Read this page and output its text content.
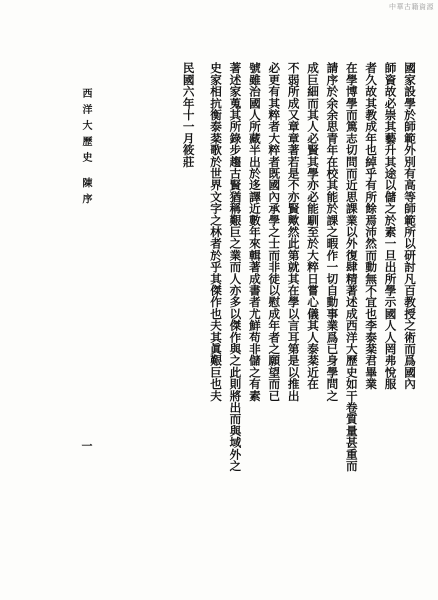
中華古籍資源
國家設學於師範外別有高等師範所以研討凡百教授之術而爲國內
師資故必崇其藝升其途以儲之於素一旦出所學示國人人罔弗悅服
者久故其教成年也綽乎有所餘焉沛然而動無不宜也李泰棻君畢業
在學博學而篤志切問而近思課業以外復肆精著述成西洋大歷史如干卷質量甚重而
請序於余余思青年在校其能於課之暇作一切自動事業爲已身學問之
成巨細而其人必賢其學亦必能馴至於大粹日嘗心儀其人泰棻近在
不弱所成又章章著若是不亦賢歟然此第就其在學以言耳第是以推出
必更有其粹者大粹者既國內承學之士而非徒以慰成年者之願望而已
號雖治國人所藏半出於迻譯近數年來輯著成書者尤鮮苟非儲之有素
著述家蒐其所錄步趨古賢猶稱艱巨之業而人亦多以傑作與之此則將出而與域外之
史家相抗衡泰棻歌於世界文字之林者於乎其傑作也夫其眞艱巨也夫
民國六年十一月筱莊
西洋大歷史 陳序
一
